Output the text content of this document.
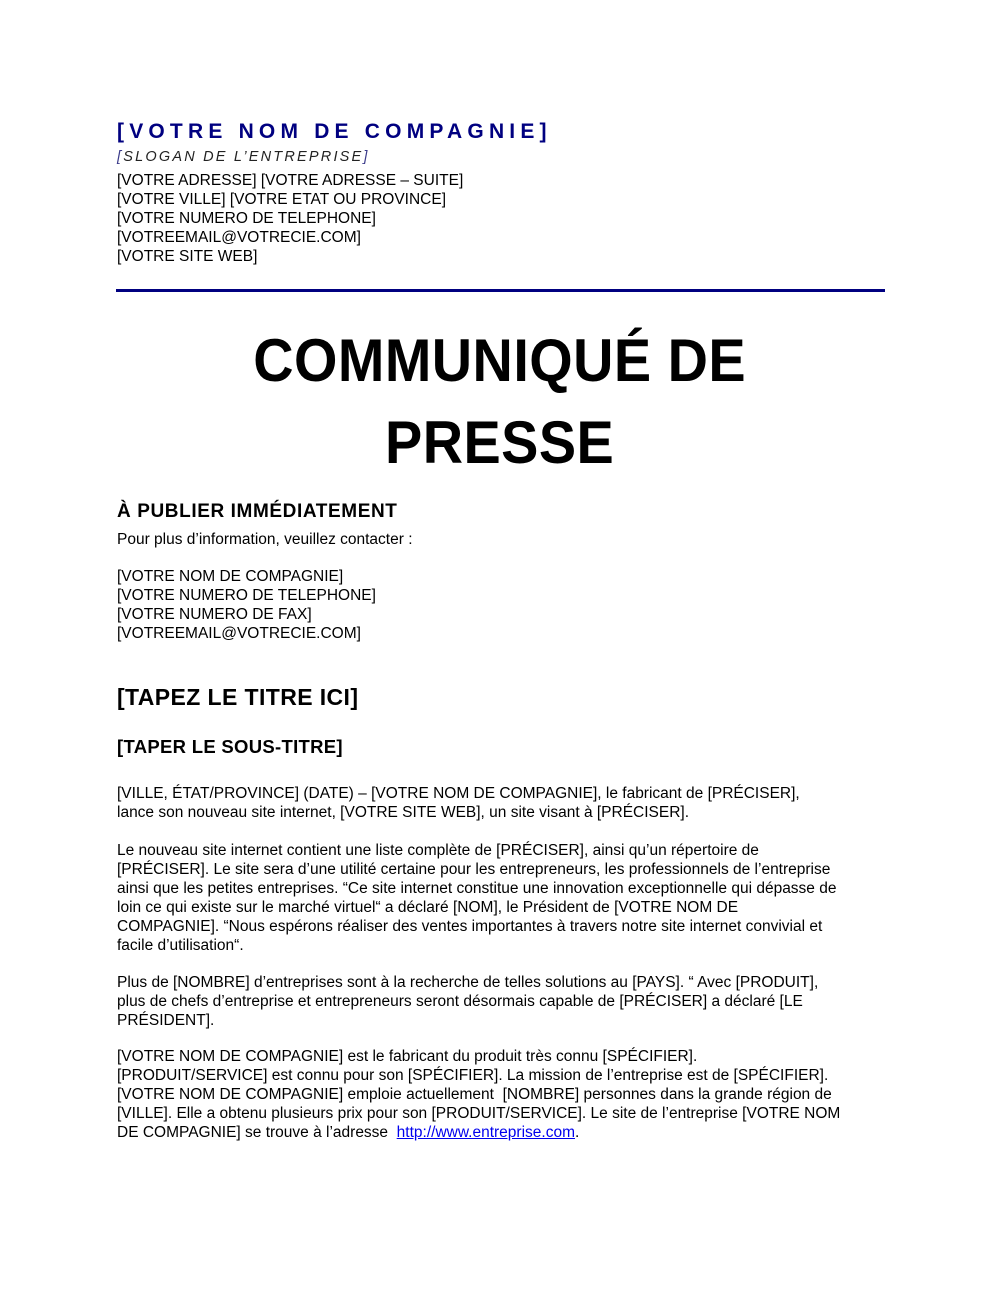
[VOTRE NOM DE COMPAGNIE]
[SLOGAN DE L’ENTREPRISE]
[VOTRE ADRESSE] [VOTRE ADRESSE – SUITE]
[VOTRE VILLE] [VOTRE ETAT OU PROVINCE]
[VOTRE NUMERO DE TELEPHONE]
[VOTREEMAIL@VOTRECIE.COM]
[VOTRE SITE WEB]
COMMUNIQUÉ DE
PRESSE
À PUBLIER IMMÉDIATEMENT
Pour plus d’information, veuillez contacter :
[VOTRE NOM DE COMPAGNIE]
[VOTRE NUMERO DE TELEPHONE]
[VOTRE NUMERO DE FAX]
[VOTREEMAIL@VOTRECIE.COM]
[TAPEZ LE TITRE ICI]
[TAPER LE SOUS-TITRE]
[VILLE, ÉTAT/PROVINCE] (DATE) – [VOTRE NOM DE COMPAGNIE], le fabricant de [PRÉCISER],
lance son nouveau site internet, [VOTRE SITE WEB], un site visant à [PRÉCISER].
Le nouveau site internet contient une liste complète de [PRÉCISER], ainsi qu’un répertoire de
[PRÉCISER]. Le site sera d’une utilité certaine pour les entrepreneurs, les professionnels de l’entreprise
ainsi que les petites entreprises. “Ce site internet constitue une innovation exceptionnelle qui dépasse de
loin ce qui existe sur le marché virtuel“ a déclaré [NOM], le Président de [VOTRE NOM DE
COMPAGNIE]. “Nous espérons réaliser des ventes importantes à travers notre site internet convivial et
facile d’utilisation“.
Plus de [NOMBRE] d’entreprises sont à la recherche de telles solutions au [PAYS]. “ Avec [PRODUIT],
plus de chefs d’entreprise et entrepreneurs seront désormais capable de [PRÉCISER] a déclaré [LE
PRÉSIDENT].
[VOTRE NOM DE COMPAGNIE] est le fabricant du produit très connu [SPÉCIFIER].
[PRODUIT/SERVICE] est connu pour son [SPÉCIFIER]. La mission de l’entreprise est de [SPÉCIFIER].
[VOTRE NOM DE COMPAGNIE] emploie actuellement  [NOMBRE] personnes dans la grande région de
[VILLE]. Elle a obtenu plusieurs prix pour son [PRODUIT/SERVICE]. Le site de l’entreprise [VOTRE NOM
DE COMPAGNIE] se trouve à l’adresse  http://www.entreprise.com.
